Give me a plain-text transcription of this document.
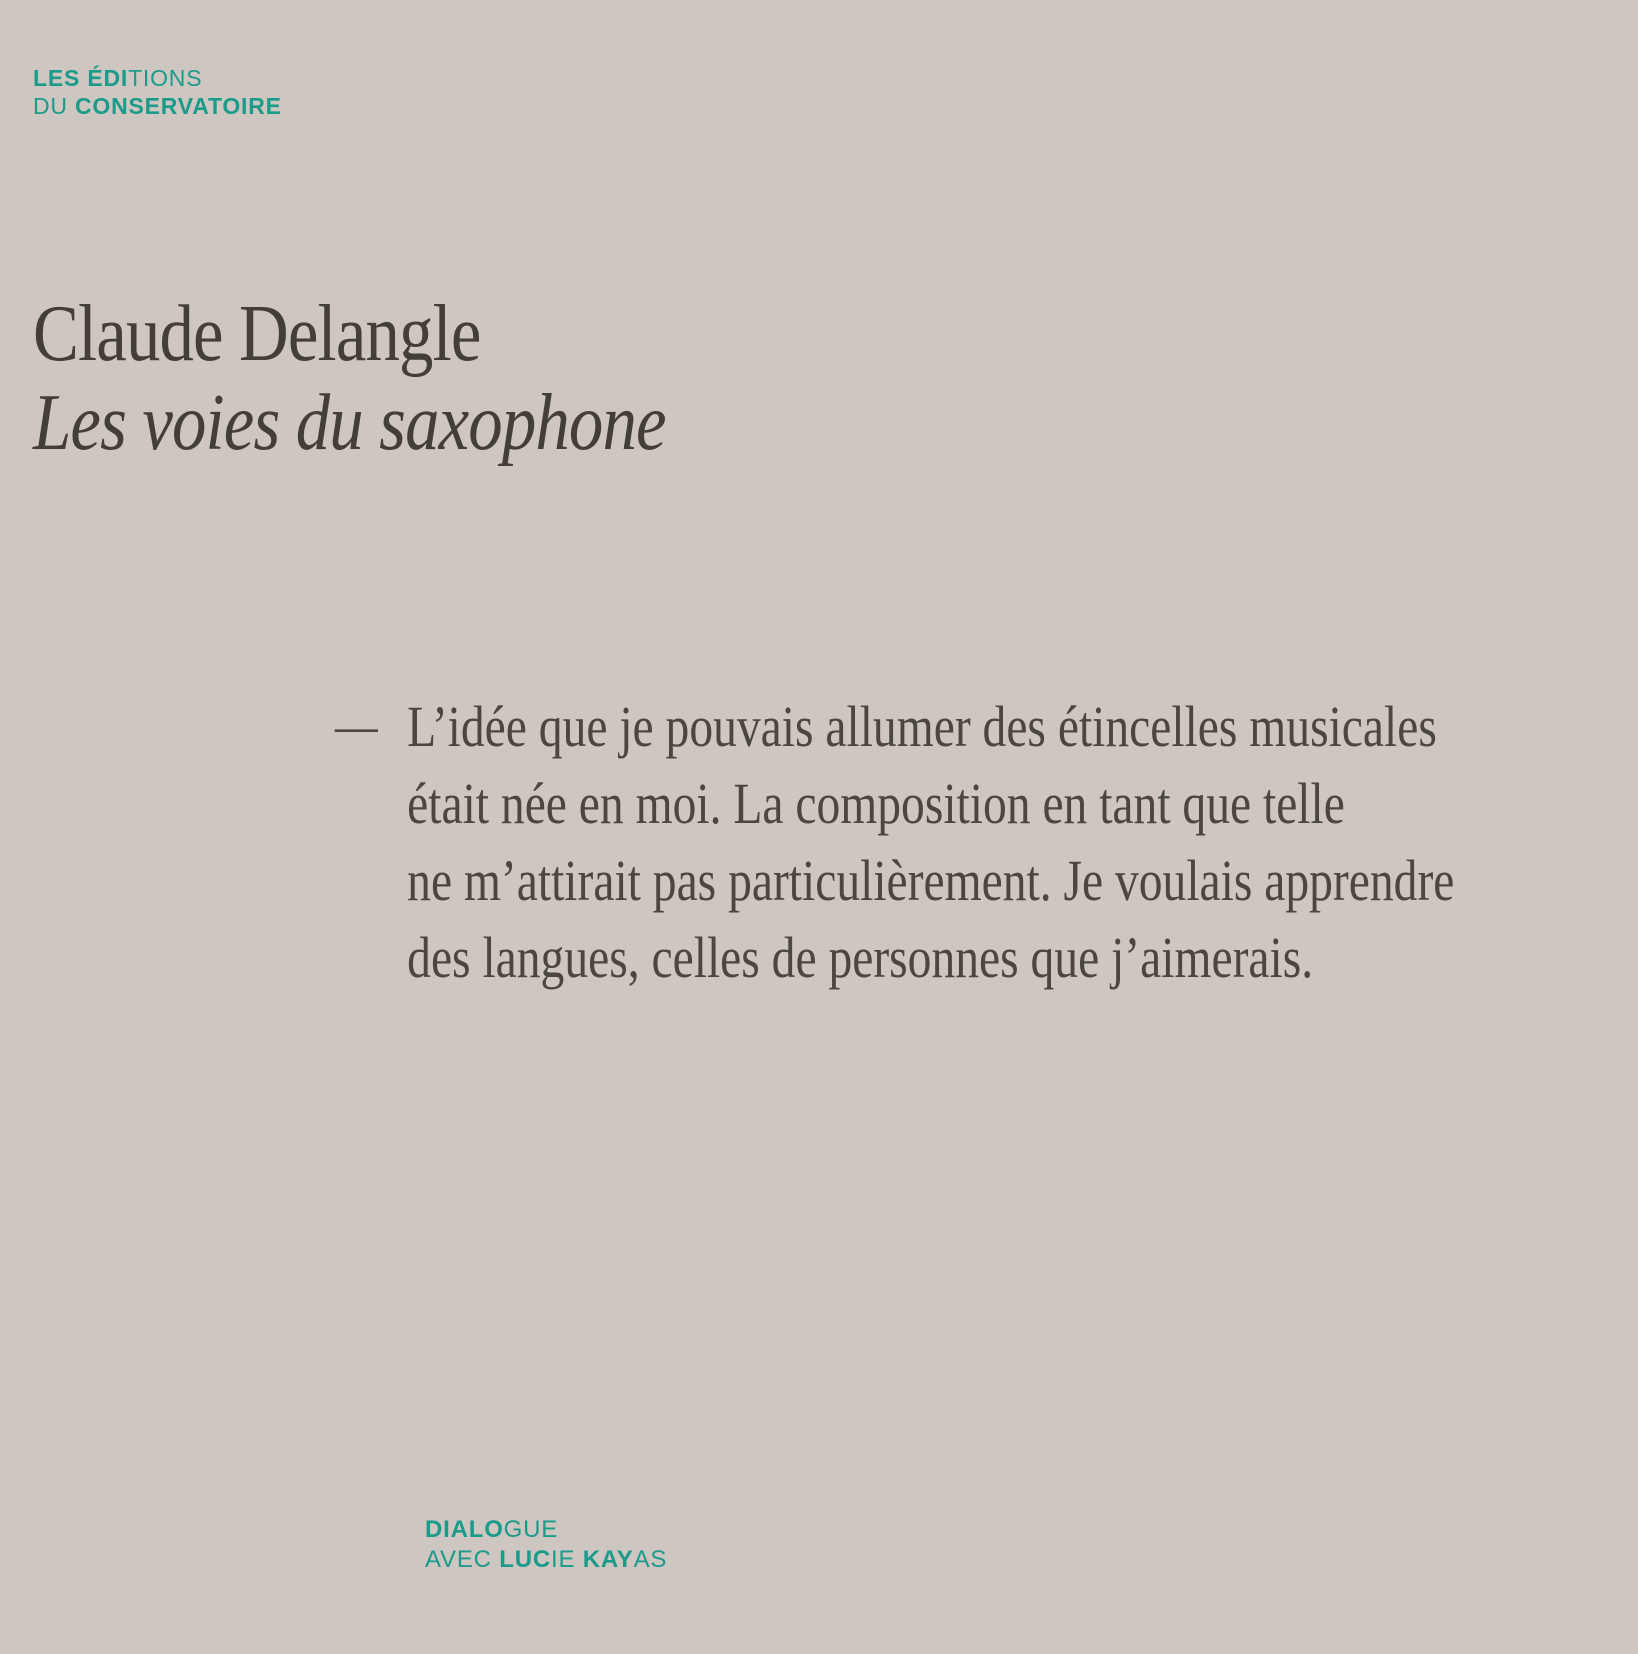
LES ÉDITIONS
DU CONSERVATOIRE
Claude Delangle
Les voies du saxophone
— L’idée que je pouvais allumer des étincelles musicales
était née en moi. La composition en tant que telle
ne m’attirait pas particulièrement. Je voulais apprendre
des langues, celles de personnes que j’aimerais.
DIALOGUE
AVEC LUCIE KAYAS
